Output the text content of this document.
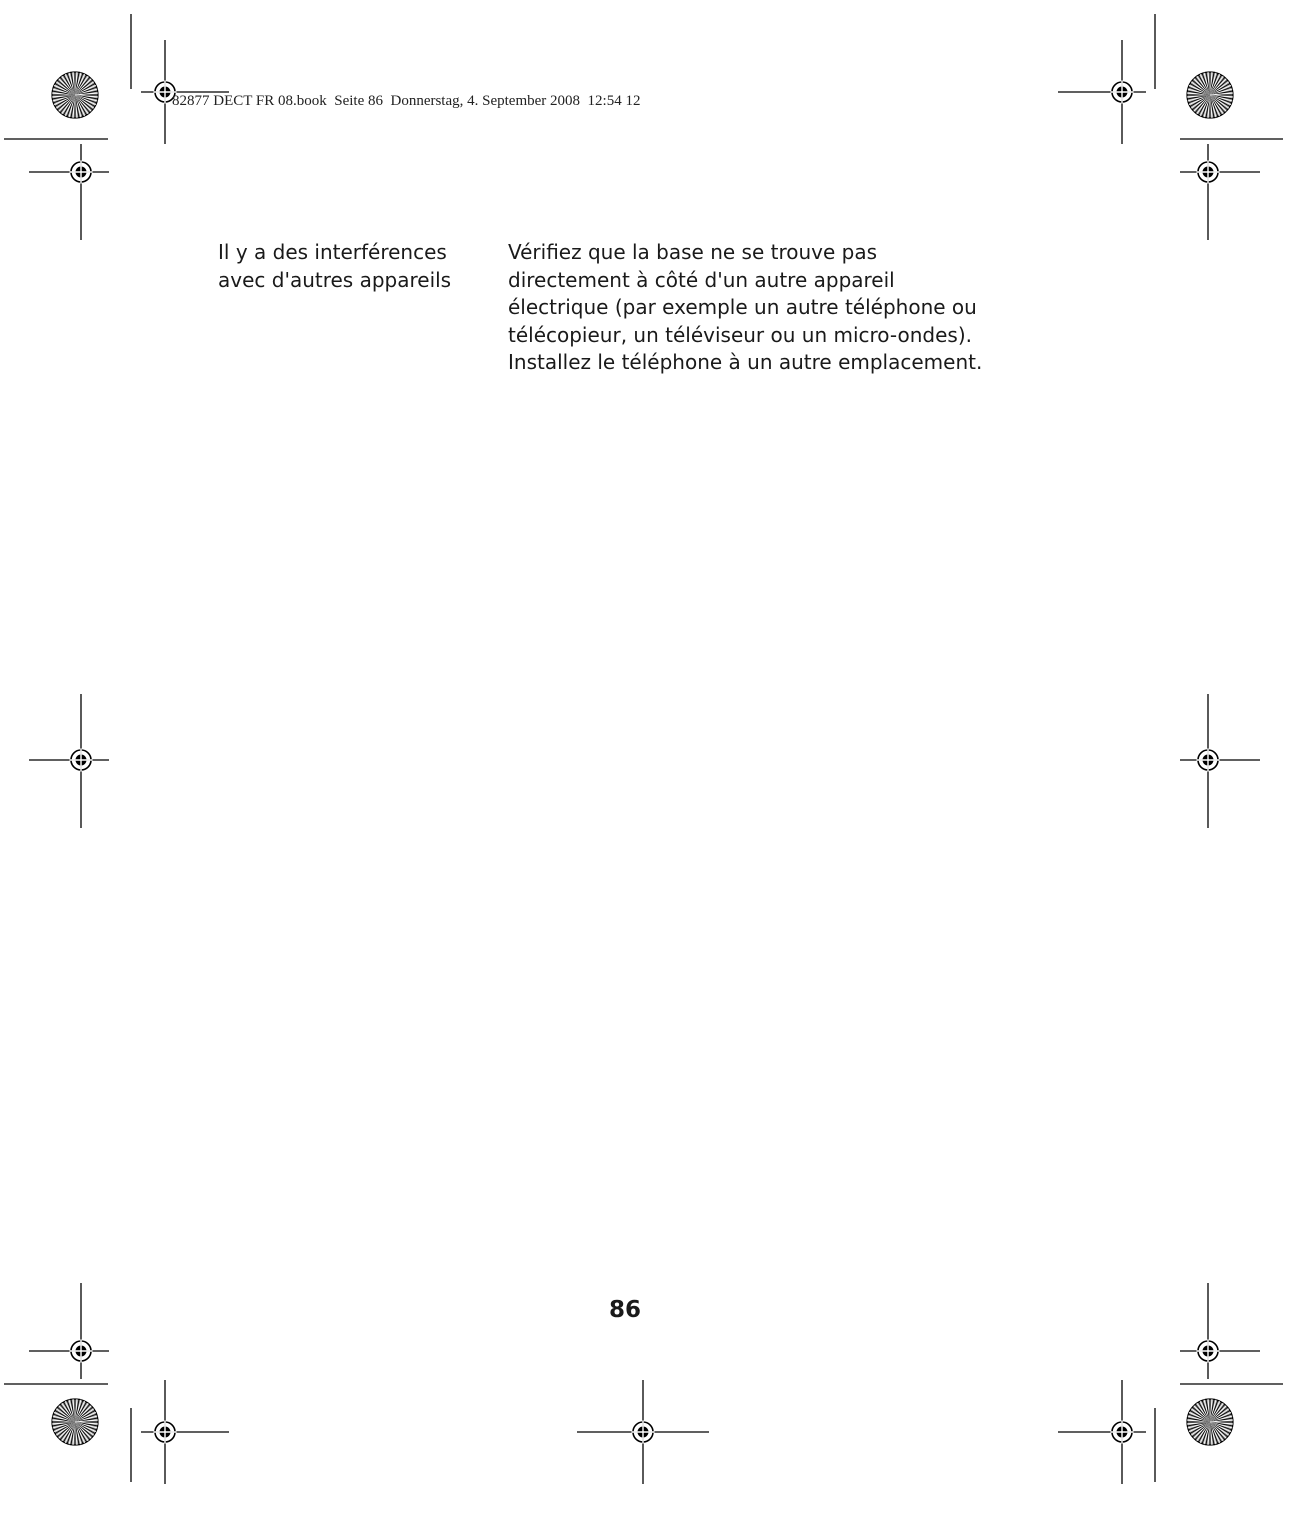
82877 DECT FR 08.book  Seite 86  Donnerstag, 4. September 2008  12:54 12
Il y a des interférences
avec d'autres appareils
Vérifiez que la base ne se trouve pas
directement à côté d'un autre appareil
électrique (par exemple un autre téléphone ou
télécopieur, un téléviseur ou un micro-ondes).
Installez le téléphone à un autre emplacement.
86
